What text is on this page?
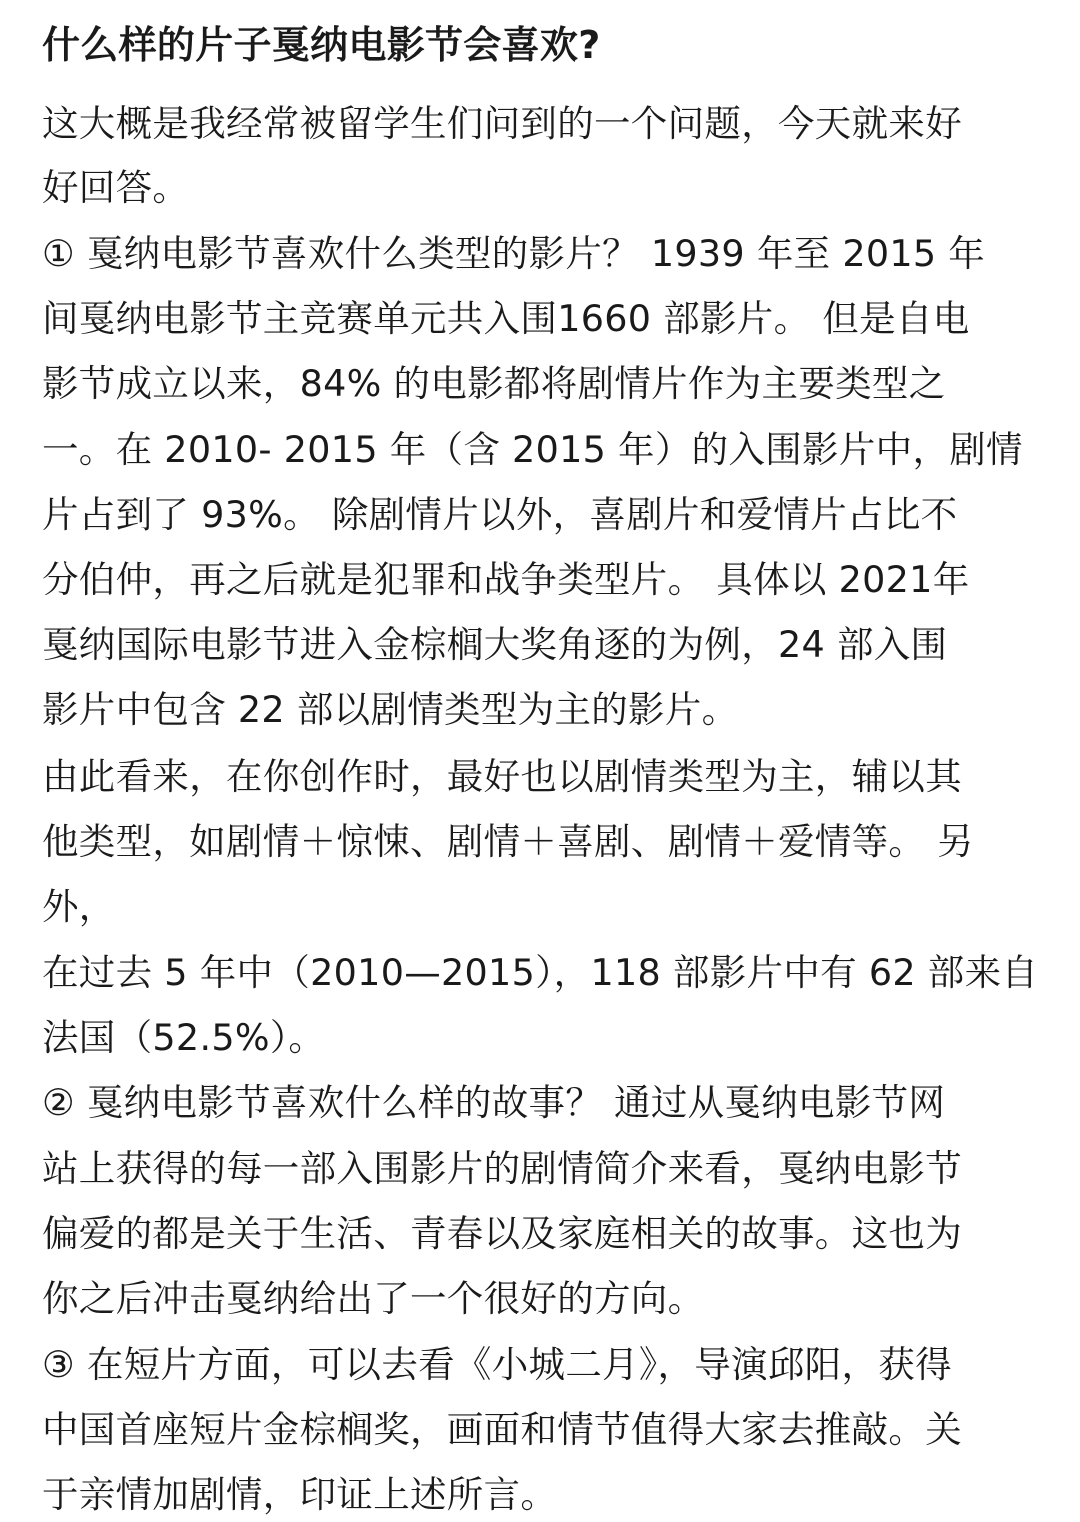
什么样的片子戛纳电影节会喜欢?
这大概是我经常被留学生们问到的一个问题，今天就来好
好回答。
① 戛纳电影节喜欢什么类型的影片？ 1939 年至 2015 年
间戛纳电影节主竞赛单元共入围1660 部影片。 但是自电
影节成立以来，84% 的电影都将剧情片作为主要类型之
一。在 2010- 2015 年（含 2015 年）的入围影片中，剧情
片占到了 93%。 除剧情片以外，喜剧片和爱情片占比不
分伯仲，再之后就是犯罪和战争类型片。 具体以 2021年
戛纳国际电影节进入金棕榈大奖角逐的为例，24 部入围
影片中包含 22 部以剧情类型为主的影片。
由此看来，在你创作时，最好也以剧情类型为主，辅以其
他类型，如剧情＋惊悚、剧情＋喜剧、剧情＋爱情等。 另
外，
在过去 5 年中（2010—2015），118 部影片中有 62 部来自
法国（52.5%）。
② 戛纳电影节喜欢什么样的故事？ 通过从戛纳电影节网
站上获得的每一部入围影片的剧情简介来看，戛纳电影节
偏爱的都是关于生活、青春以及家庭相关的故事。这也为
你之后冲击戛纳给出了一个很好的方向。
③ 在短片方面，可以去看《小城二月》，导演邱阳，获得
中国首座短片金棕榈奖，画面和情节值得大家去推敲。关
于亲情加剧情，印证上述所言。
